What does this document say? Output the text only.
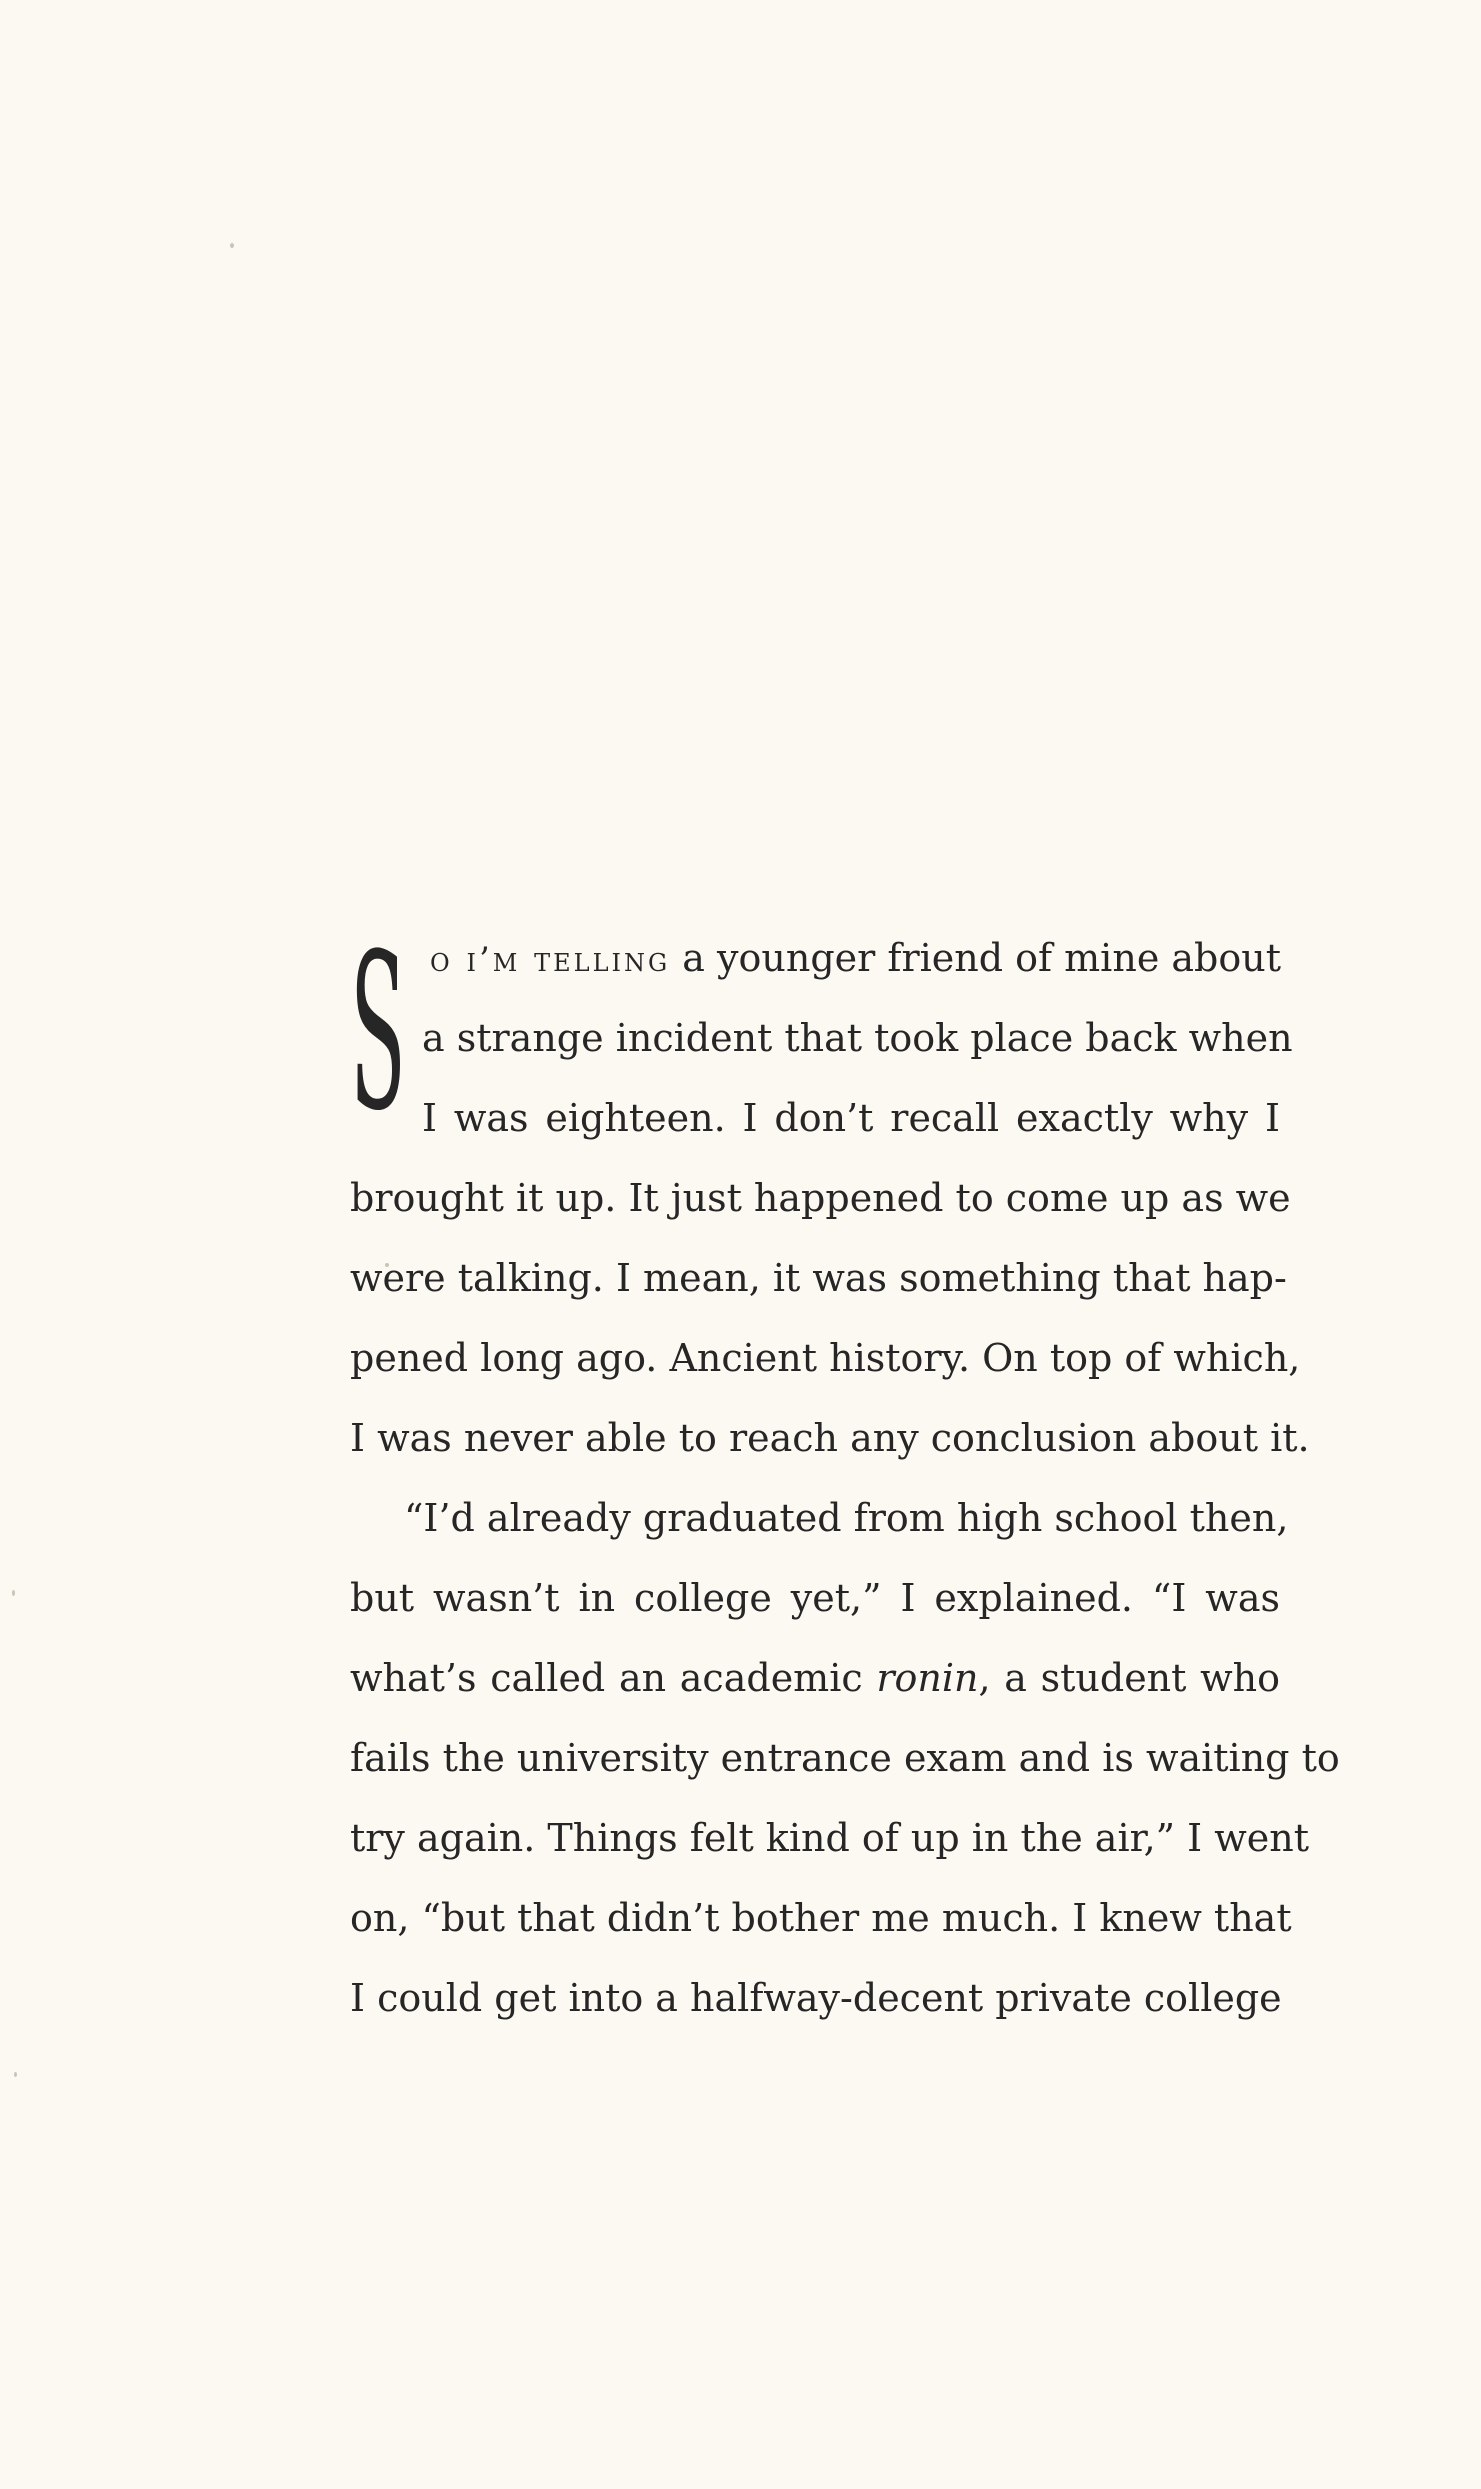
S o i’m telling a younger friend of mine about
a strange incident that took place back when
I was eighteen. I don’t recall exactly why I
brought it up. It just happened to come up as we
were talking. I mean, it was something that hap-
pened long ago. Ancient history. On top of which,
I was never able to reach any conclusion about it.
“I’d already graduated from high school then,
but wasn’t in college yet,” I explained. “I was
what’s called an academic ronin, a student who
fails the university entrance exam and is waiting to
try again. Things felt kind of up in the air,” I went
on, “but that didn’t bother me much. I knew that
I could get into a halfway-decent private college
